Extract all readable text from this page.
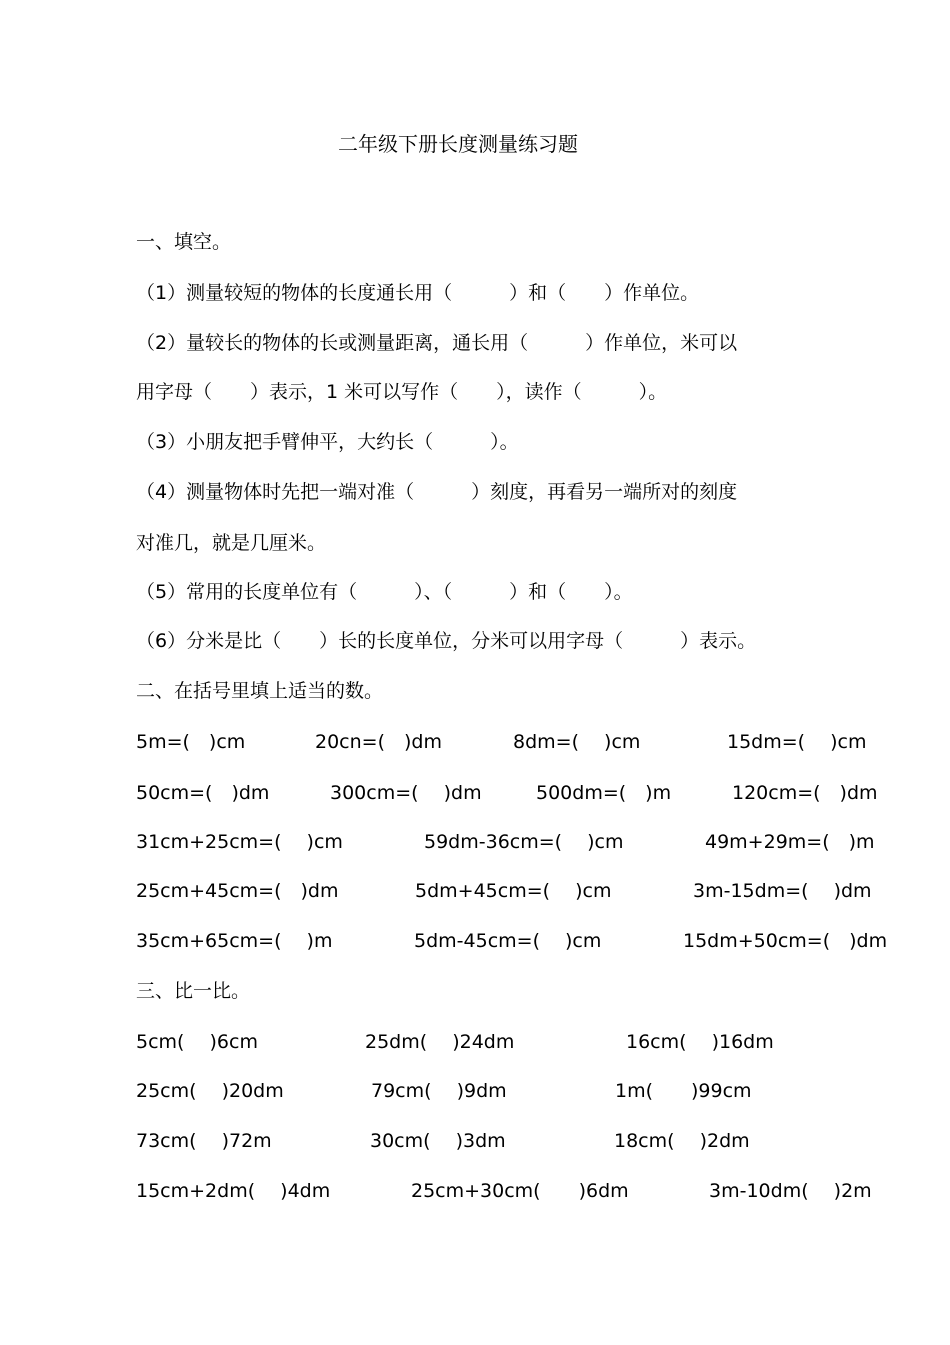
二年级下册长度测量练习题
一、填空。
（1）测量较短的物体的长度通长用（　　　）和（　　）作单位。
（2）量较长的物体的长或测量距离，通长用（　　　）作单位，米可以
用字母（　　）表示，1 米可以写作（　　），读作（　　　）。
（3）小朋友把手臂伸平，大约长（　　　）。
（4）测量物体时先把一端对准（　　　）刻度，再看另一端所对的刻度
对准几，就是几厘米。
（5）常用的长度单位有（　　　）、（　　　）和（　　）。
（6）分米是比（　　）长的长度单位，分米可以用字母（　　　）表示。
二、在括号里填上适当的数。
5m=(　)cm	20cn=(　)dm	8dm=(　 )cm	15dm=(　 )cm
50cm=(　)dm	300cm=(　 )dm	500dm=(　)m	120cm=(　)dm
31cm+25cm=(　 )cm	59dm-36cm=(　 )cm	49m+29m=(　)m
25cm+45cm=(　)dm	5dm+45cm=(　 )cm	3m-15dm=(　 )dm
35cm+65cm=(　 )m	5dm-45cm=(　 )cm	15dm+50cm=(　)dm
三、比一比。
5cm(　 )6cm	25dm(　 )24dm	16cm(　 )16dm
25cm(　 )20dm	79cm(　 )9dm	1m(　　)99cm
73cm(　 )72m	30cm(　 )3dm	18cm(　 )2dm
15cm+2dm(　 )4dm	25cm+30cm(　　)6dm	3m-10dm(　 )2m
